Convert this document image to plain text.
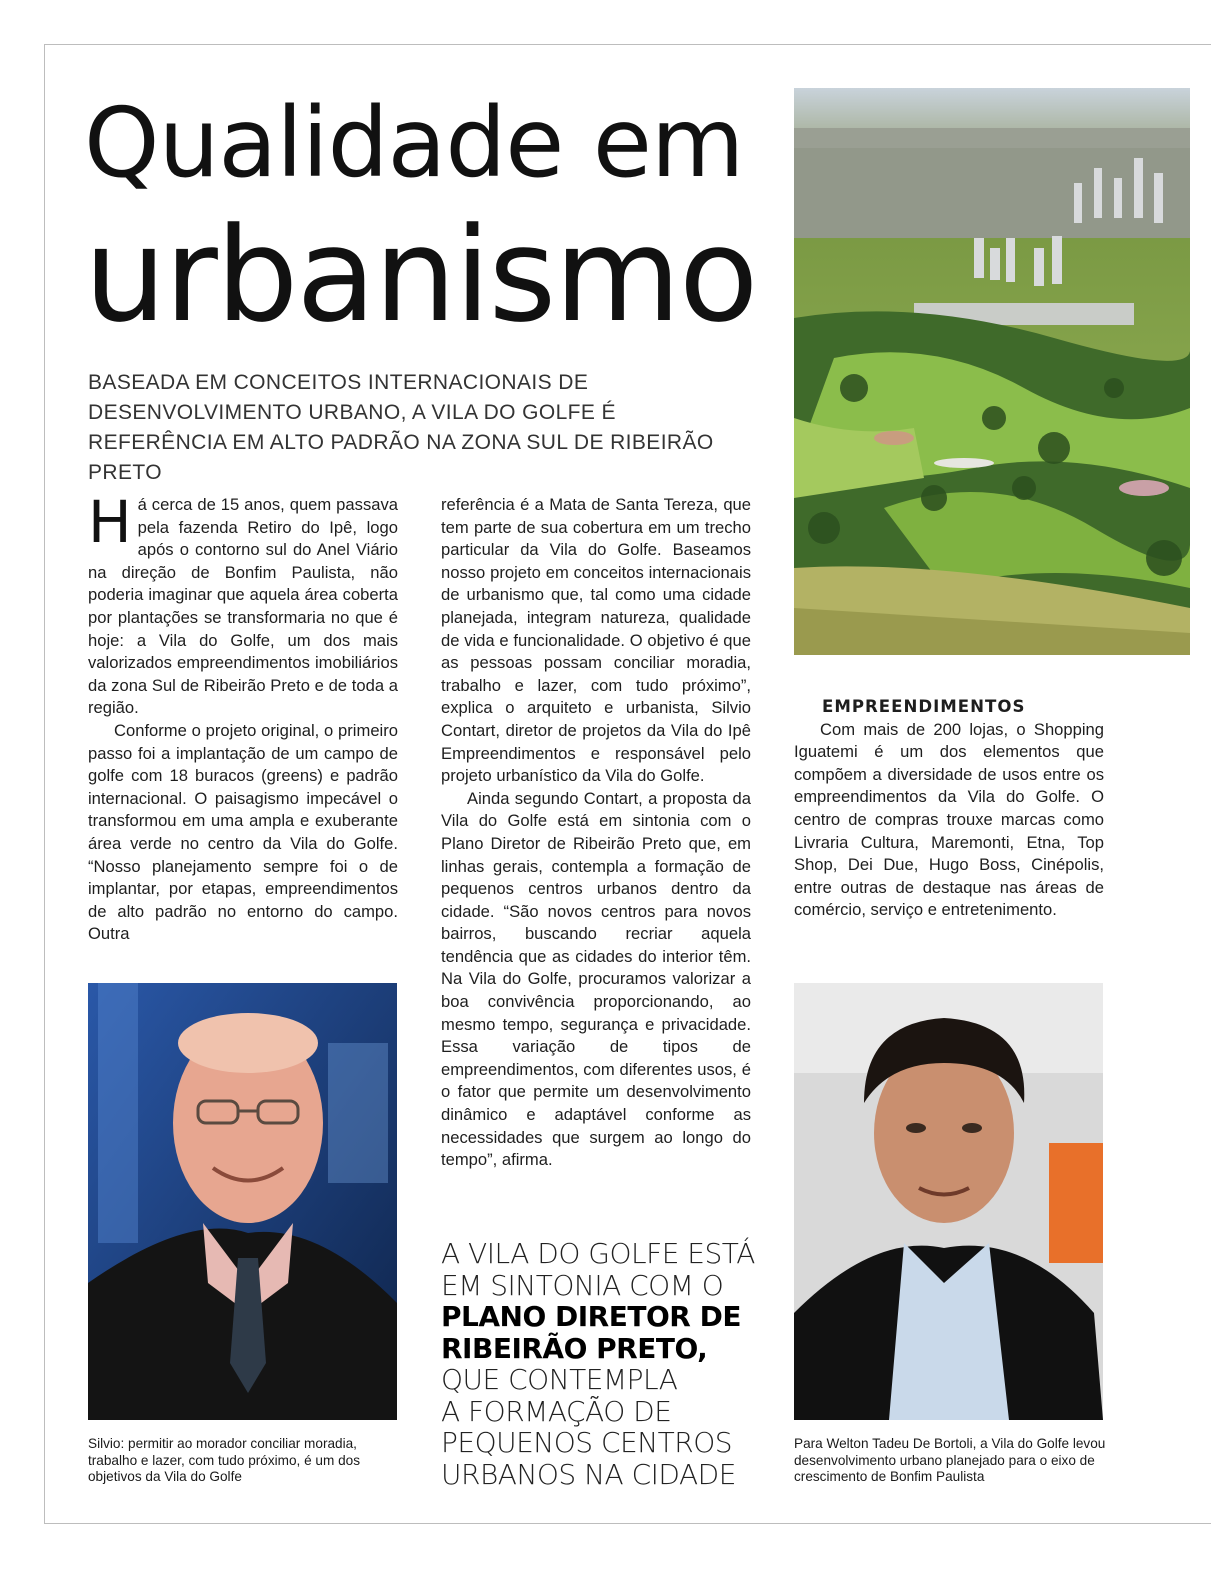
Qualidade em
urbanismo
BASEADA EM CONCEITOS INTERNACIONAIS DE DESENVOLVIMENTO URBANO, A VILA DO GOLFE É REFERÊNCIA EM ALTO PADRÃO NA ZONA SUL DE RIBEIRÃO PRETO

Há cerca de 15 anos, quem passava pela fazenda Retiro do Ipê, logo após o contorno sul do Anel Viário na direção de Bonfim Paulista, não poderia imaginar que aquela área coberta por plantações se transformaria no que é hoje: a Vila do Golfe, um dos mais valorizados empreendimentos imobiliários da zona Sul de Ribeirão Preto e de toda a região.

Conforme o projeto original, o primeiro passo foi a implantação de um campo de golfe com 18 buracos (greens) e padrão internacional. O paisagismo impecável o transformou em uma ampla e exuberante área verde no centro da Vila do Golfe. “Nosso planejamento sempre foi o de implantar, por etapas, empreendimentos de alto padrão no entorno do campo. Outra

referência é a Mata de Santa Tereza, que tem parte de sua cobertura em um trecho particular da Vila do Golfe. Baseamos nosso projeto em conceitos internacionais de urbanismo que, tal como uma cidade planejada, integram natureza, qualidade de vida e funcionalidade. O objetivo é que as pessoas possam conciliar moradia, trabalho e lazer, com tudo próximo”, explica o arquiteto e urbanista, Silvio Contart, diretor de projetos da Vila do Ipê Empreendimentos e responsável pelo projeto urbanístico da Vila do Golfe.

Ainda segundo Contart, a proposta da Vila do Golfe está em sintonia com o Plano Diretor de Ribeirão Preto que, em linhas gerais, contempla a formação de pequenos centros urbanos dentro da cidade. “São novos centros para novos bairros, buscando recriar aquela tendência que as cidades do interior têm. Na Vila do Golfe, procuramos valorizar a boa convivência proporcionando, ao mesmo tempo, segurança e privacidade. Essa variação de tipos de empreendimentos, com diferentes usos, é o fator que permite um desenvolvimento dinâmico e adaptável conforme as necessidades que surgem ao longo do tempo”, afirma.

EMPREENDIMENTOS

Com mais de 200 lojas, o Shopping Iguatemi é um dos elementos que compõem a diversidade de usos entre os empreendimentos da Vila do Golfe. O centro de compras trouxe marcas como Livraria Cultura, Maremonti, Etna, Top Shop, Dei Due, Hugo Boss, Cinépolis, entre outras de destaque nas áreas de comércio, serviço e entretenimento.

Silvio: permitir ao morador conciliar moradia, trabalho e lazer, com tudo próximo, é um dos objetivos da Vila do Golfe
Para Welton Tadeu De Bortoli, a Vila do Golfe levou desenvolvimento urbano planejado para o eixo de crescimento de Bonfim Paulista
A VILA DO GOLFE ESTÁ
EM SINTONIA COM O
PLANO DIRETOR DE
RIBEIRÃO PRETO,
QUE CONTEMPLA
A FORMAÇÃO DE
PEQUENOS CENTROS
URBANOS NA CIDADE
